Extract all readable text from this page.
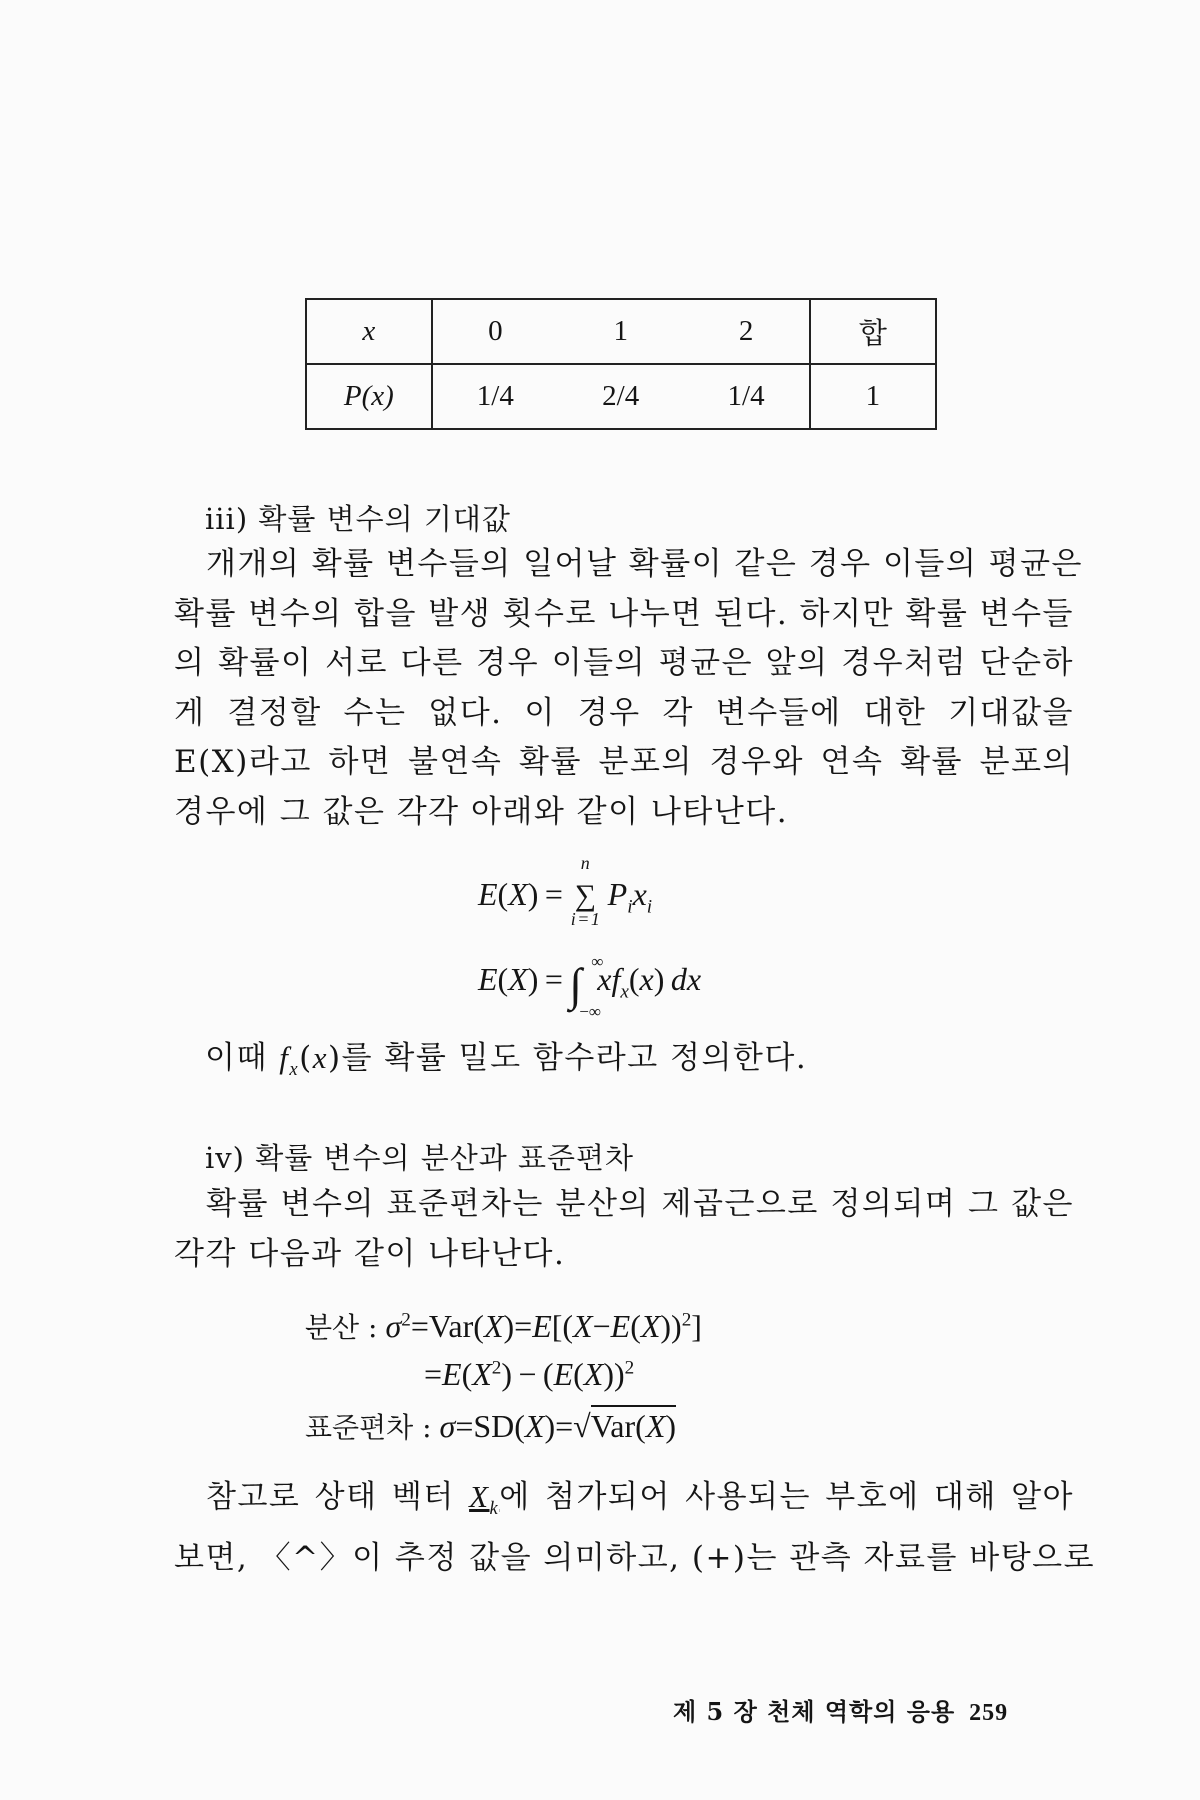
x	0	1	2	합
P(x)	1/4	2/4	1/4	1
iii) 확률 변수의 기대값
개개의 확률 변수들의 일어날 확률이 같은 경우 이들의 평균은
확률 변수의 합을 발생 횟수로 나누면 된다. 하지만 확률 변수들
의 확률이 서로 다른 경우 이들의 평균은 앞의 경우처럼 단순하
게 결정할 수는 없다. 이 경우 각 변수들에 대한 기대값을
E(X)라고 하면 불연속 확률 분포의 경우와 연속 확률 분포의
경우에 그 값은 각각 아래와 같이 나타난다.
E(X) = 
n
∑
i = 1
 $P_ix_i$
E(X) = ∫ ∞
−∞
$xf_x(x)$ dx
이때 $f_x(x)$를 확률 밀도 함수라고 정의한다.
iv) 확률 변수의 분산과 표준편차
확률 변수의 표준편차는 분산의 제곱근으로 정의되며 그 값은
각각 다음과 같이 나타난다.
분산 : $\sigma^2=Var(X)=E[(X-E(X))^2]$
$=E(X^2) - (E(X))^2$
표준편차 : σ=SD(X)=√Var(X)
참고로 상태 벡터 $X_k$에 첨가되어 사용되는 부호에 대해 알아
보면, 〈^〉이 추정 값을 의미하고, (+)는 관측 자료를 바탕으로
제 5 장 천체 역학의 응용 259
